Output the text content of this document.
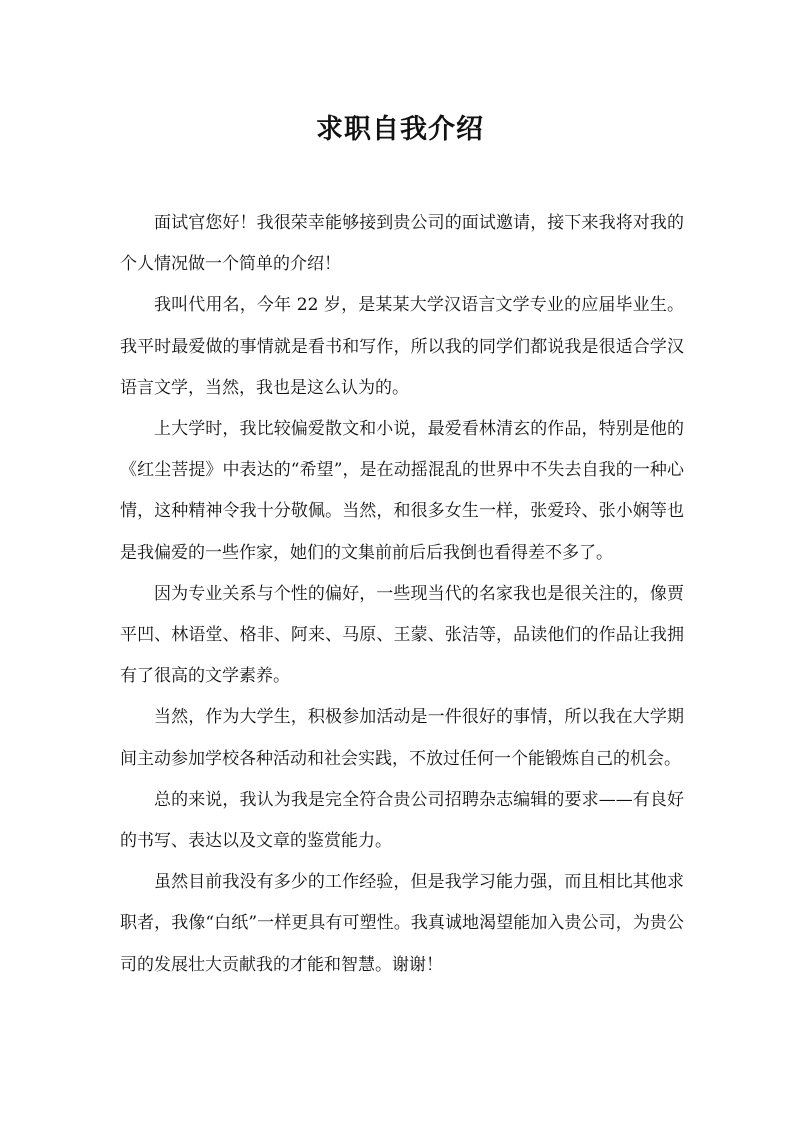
求职自我介绍

面试官您好！我很荣幸能够接到贵公司的面试邀请，接下来我将对我的个人情况做一个简单的介绍！

我叫代用名，今年 22 岁，是某某大学汉语言文学专业的应届毕业生。我平时最爱做的事情就是看书和写作，所以我的同学们都说我是很适合学汉语言文学，当然，我也是这么认为的。

上大学时，我比较偏爱散文和小说，最爱看林清玄的作品，特别是他的《红尘菩提》中表达的“希望”，是在动摇混乱的世界中不失去自我的一种心情，这种精神令我十分敬佩。当然，和很多女生一样，张爱玲、张小娴等也是我偏爱的一些作家，她们的文集前前后后我倒也看得差不多了。

因为专业关系与个性的偏好，一些现当代的名家我也是很关注的，像贾平凹、林语堂、格非、阿来、马原、王蒙、张洁等，品读他们的作品让我拥有了很高的文学素养。

当然，作为大学生，积极参加活动是一件很好的事情，所以我在大学期间主动参加学校各种活动和社会实践，不放过任何一个能锻炼自己的机会。

总的来说，我认为我是完全符合贵公司招聘杂志编辑的要求——有良好的书写、表达以及文章的鉴赏能力。

虽然目前我没有多少的工作经验，但是我学习能力强，而且相比其他求职者，我像“白纸”一样更具有可塑性。我真诚地渴望能加入贵公司，为贵公司的发展壮大贡献我的才能和智慧。谢谢！
